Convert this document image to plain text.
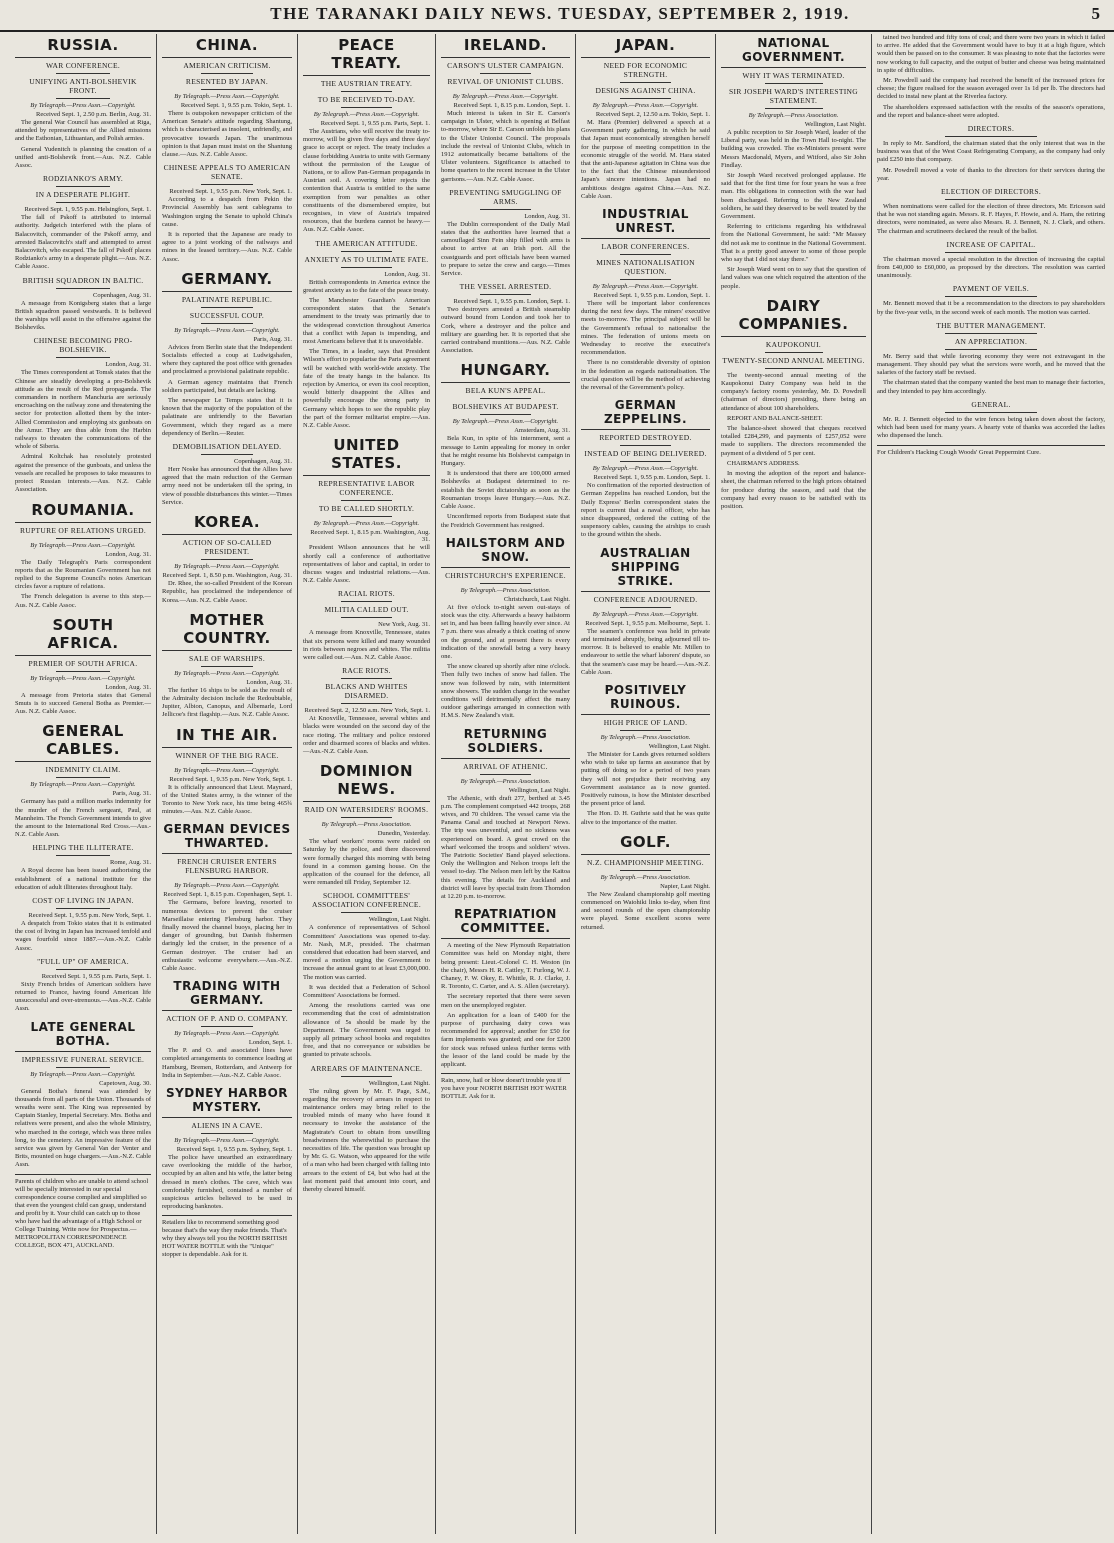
THE TARANAKI DAILY NEWS. TUESDAY, SEPTEMBER 2, 1919.	5
RUSSIA.
WAR CONFERENCE.
UNIFYING ANTI-BOLSHEVIK FRONT.
By Telegraph.—Press Assn.—Copyright.
Received Sept. 1, 2.50 p.m. Berlin, Aug. 31.

The general War Council has assembled at Riga, attended by representatives of the Allied missions and the Esthonian, Lithuanian, and Polish armies.

General Yudenitch is planning the creation of a unified anti-Bolshevik front.—Aus. N.Z. Cable Assoc.

RODZIANKO'S ARMY.
IN A DESPERATE PLIGHT.
Received Sept. 1, 9.55 p.m. Helsingfors, Sept. 1.

The fall of Pskoff is attributed to internal authority. Judgeich interfered with the plans of Balacovitch, commander of the Pskoff army, and arrested Balacovitch's staff and attempted to arrest Balacovitch, who escaped. The fall of Pskoff places Rodzianko's army in a desperate plight.—Aus. N.Z. Cable Assoc.

BRITISH SQUADRON IN BALTIC.
Copenhagen, Aug. 31.

A message from Konigsberg states that a large British squadron passed westwards. It is believed the warships will assist in the offensive against the Bolsheviks.

CHINESE BECOMING PRO-BOLSHEVIK.
London, Aug. 31.

The Times correspondent at Tomsk states that the Chinese are steadily developing a pro-Bolshevik attitude as the result of the Red propaganda. The commanders in northern Manchuria are seriously encroaching on the railway zone and threatening the sector for protection allotted them by the inter-Allied Commission and employing six gunboats on the Amur. They are thus able from the Harbin railways to threaten the communications of the whole of Siberia.

Admiral Koltchak has resolutely protested against the presence of the gunboats, and unless the vessels are recalled he proposes to take measures to protect Russian interests.—Aus. N.Z. Cable Association.

ROUMANIA.
RUPTURE OF RELATIONS URGED.
By Telegraph.—Press Assn.—Copyright.
London, Aug. 31.

The Daily Telegraph's Paris correspondent reports that as the Roumanian Government has not replied to the Supreme Council's notes American circles favor a rupture of relations.

The French delegation is averse to this step.—Aus. N.Z. Cable Assoc.

SOUTH AFRICA.
PREMIER OF SOUTH AFRICA.
By Telegraph.—Press Assn.—Copyright.
London, Aug. 31.

A message from Pretoria states that General Smuts is to succeed General Botha as Premier.—Aus. N.Z. Cable Assoc.

GENERAL CABLES.
INDEMNITY CLAIM.
By Telegraph.—Press Assn.—Copyright.
Paris, Aug. 31.

Germany has paid a million marks indemnity for the murder of the French sergeant, Paul, at Mannheim. The French Government intends to give the amount to the International Red Cross.—Aus.-N.Z. Cable Assn.

HELPING THE ILLITERATE.
Rome, Aug. 31.

A Royal decree has been issued authorising the establishment of a national institute for the education of adult illiterates throughout Italy.

COST OF LIVING IN JAPAN.
Received Sept. 1, 9.55 p.m. New York, Sept. 1.

A despatch from Tokio states that it is estimated the cost of living in Japan has increased tenfold and wages fourfold since 1887.—Aus.-N.Z. Cable Assoc.

"FULL UP" OF AMERICA.
Received Sept. 1, 9.55 p.m. Paris, Sept. 1.

Sixty French brides of American soldiers have returned to France, having found American life unsuccessful and over-strenuous.—Aus.-N.Z. Cable Assn.

LATE GENERAL BOTHA.
IMPRESSIVE FUNERAL SERVICE.
By Telegraph.—Press Assn.—Copyright.
Capetown, Aug. 30.

General Botha's funeral was attended by thousands from all parts of the Union. Thousands of wreaths were sent. The King was represented by Captain Stanley, Imperial Secretary. Mrs. Botha and relatives were present, and also the whole Ministry, who marched in the cortege, which was three miles long, to the cemetery. An impressive feature of the service was given by General Van der Venter and Brits, mounted on huge chargers.—Aus.-N.Z. Cable Assn.

Parents of children who are unable to attend school will be specially interested in our special correspondence course complied and simplified so that even the youngest child can grasp, understand and profit by it. Your child can catch up to those who have had the advantage of a High School or College Training. Write now for Prospectus.—METROPOLITAN CORRESPONDENCE COLLEGE, BOX 471, AUCKLAND.
CHINA.
AMERICAN CRITICISM.
RESENTED BY JAPAN.
By Telegraph.—Press Assn.—Copyright.
Received Sept. 1, 9.55 p.m. Tokio, Sept. 1.

There is outspoken newspaper criticism of the American Senate's attitude regarding Shantung, which is characterised as insolent, unfriendly, and provocative towards Japan. The unanimous opinion is that Japan must insist on the Shantung clause.—Aus. N.Z. Cable Assoc.

CHINESE APPEALS TO AMERICAN SENATE.
Received Sept. 1, 9.55 p.m. New York, Sept. 1.

According to a despatch from Pekin the Provincial Assembly has sent cablegrams to Washington urging the Senate to uphold China's cause.

It is reported that the Japanese are ready to agree to a joint working of the railways and mines in the leased territory.—Aus. N.Z. Cable Assoc.

GERMANY.
PALATINATE REPUBLIC.
SUCCESSFUL COUP.
By Telegraph.—Press Assn.—Copyright.
Paris, Aug. 31.

Advices from Berlin state that the Independent Socialists effected a coup at Ludwigshafen, where they captured the post office with grenades and proclaimed a provisional palatinate republic.

A German agency maintains that French soldiers participated, but details are lacking.

The newspaper Le Temps states that it is known that the majority of the population of the palatinate are unfriendly to the Bavarian Government, which they regard as a mere dependency of Berlin.—Reuter.

DEMOBILISATION DELAYED.
Copenhagen, Aug. 31.

Herr Noske has announced that the Allies have agreed that the main reduction of the German army need not be undertaken till the spring, in view of possible disturbances this winter.—Times Service.

KOREA.
ACTION OF SO-CALLED PRESIDENT.
By Telegraph.—Press Assn.—Copyright.
Received Sept. 1, 8.50 p.m. Washington, Aug. 31.

Dr. Rhee, the so-called President of the Korean Republic, has proclaimed the independence of Korea.—Aus. N.Z. Cable Assoc.

MOTHER COUNTRY.
SALE OF WARSHIPS.
By Telegraph.—Press Assn.—Copyright.
London, Aug. 31.

The further 16 ships to be sold as the result of the Admiralty decision include the Redoubtable, Jupiter, Albion, Canopus, and Albemarle, Lord Jellicoe's first flagship.—Aus. N.Z. Cable Assoc.

IN THE AIR.
WINNER OF THE BIG RACE.
By Telegraph.—Press Assn.—Copyright.
Received Sept. 1, 9.35 p.m. New York, Sept. 1.

It is officially announced that Lieut. Maynard, of the United States army, is the winner of the Toronto to New York race, his time being 465¾ minutes.—Aus. N.Z. Cable Assoc.

GERMAN DEVICES THWARTED.
FRENCH CRUISER ENTERS FLENSBURG HARBOR.
By Telegraph.—Press Assn.—Copyright.
Received Sept. 1, 8.15 p.m. Copenhagen, Sept. 1.

The Germans, before leaving, resorted to numerous devices to prevent the cruiser Marseillaise entering Flensburg harbor. They finally moved the channel buoys, placing her in danger of grounding, but Danish fishermen daringly led the cruiser, in the presence of a German destroyer. The cruiser had an enthusiastic welcome everywhere.—Aus.-N.Z. Cable Assoc.

TRADING WITH GERMANY.
ACTION OF P. AND O. COMPANY.
By Telegraph.—Press Assn.—Copyright.
London, Sept. 1.

The P. and O. and associated lines have completed arrangements to commence loading at Hamburg, Bremen, Rotterdam, and Antwerp for India in September.—Aus.-N.Z. Cable Assoc.

SYDNEY HARBOR MYSTERY.
ALIENS IN A CAVE.
By Telegraph.—Press Assn.—Copyright.
Received Sept. 1, 9.55 p.m. Sydney, Sept. 1.

The police have unearthed an extraordinary cave overlooking the middle of the harbor, occupied by an alien and his wife, the latter being dressed in men's clothes. The cave, which was comfortably furnished, contained a number of suspicious articles believed to be used in reproducing banknotes.

Retailers like to recommend something good because that's the way they make friends. That's why they always tell you the NORTH BRITISH HOT WATER BOTTLE with the "Unique" stopper is dependable. Ask for it.
PEACE TREATY.
THE AUSTRIAN TREATY.
TO BE RECEIVED TO-DAY.
By Telegraph.—Press Assn.—Copyright.
Received Sept. 1, 9.55 p.m. Paris, Sept. 1.

The Austrians, who will receive the treaty to-morrow, will be given five days and three days' grace to accept or reject. The treaty includes a clause forbidding Austria to unite with Germany without the permission of the League of Nations, or to allow Pan-German propaganda in Austrian soil. A covering letter rejects the contention that Austria is entitled to the same exemption from war penalties as other constituents of the dismembered empire, but recognises, in view of Austria's impaired resources, that the burdens cannot be heavy.—Aus. N.Z. Cable Assoc.

THE AMERICAN ATTITUDE.
ANXIETY AS TO ULTIMATE FATE.
London, Aug. 31.

British correspondents in America evince the greatest anxiety as to the fate of the peace treaty.

The Manchester Guardian's American correspondent states that the Senate's amendment to the treaty was primarily due to the widespread conviction throughout America that a conflict with Japan is impending, and most Americans believe that it is unavoidable.

The Times, in a leader, says that President Wilson's effort to popularise the Paris agreement will be watched with world-wide anxiety. The fate of the treaty hangs in the balance. Its rejection by America, or even its cool reception, would bitterly disappoint the Allies and powerfully encourage the strong party in Germany which hopes to see the republic play the part of the former militarist empire.—Aus. N.Z. Cable Assoc.

UNITED STATES.
REPRESENTATIVE LABOR CONFERENCE.
TO BE CALLED SHORTLY.
By Telegraph.—Press Assn.—Copyright.
Received Sept. 1, 8.15 p.m. Washington, Aug. 31.

President Wilson announces that he will shortly call a conference of authoritative representatives of labor and capital, in order to discuss wages and industrial relations.—Aus. N.Z. Cable Assoc.

RACIAL RIOTS.
MILITIA CALLED OUT.
New York, Aug. 31.

A message from Knoxville, Tennessee, states that six persons were killed and many wounded in riots between negroes and whites. The militia were called out.—Aus. N.Z. Cable Assoc.

RACE RIOTS.
BLACKS AND WHITES DISARMED.
Received Sept. 2, 12.50 a.m. New York, Sept. 1.

At Knoxville, Tennessee, several whites and blacks were wounded on the second day of the race rioting. The military and police restored order and disarmed scores of blacks and whites.—Aus.-N.Z. Cable Assn.

DOMINION NEWS.
RAID ON WATERSIDERS' ROOMS.
By Telegraph.—Press Association.
Dunedin, Yesterday.

The wharf workers' rooms were raided on Saturday by the police, and there discovered were formally charged this morning with being found in a common gaming house. On the application of the counsel for the defence, all were remanded till Friday, September 12.

SCHOOL COMMITTEES' ASSOCIATION CONFERENCE.
Wellington, Last Night.

A conference of representatives of School Committees' Associations was opened to-day. Mr. Nash, M.P., presided. The chairman considered that education had been starved, and moved a motion urging the Government to increase the annual grant to at least £3,000,000. The motion was carried.

It was decided that a Federation of School Committees' Associations be formed.

Among the resolutions carried was one recommending that the cost of administration allowance of 5s should be made by the Department. The Government was urged to supply all primary school books and requisites free, and that no conveyance or subsidies be granted to private schools.

ARREARS OF MAINTENANCE.
Wellington, Last Night.

The ruling given by Mr. F. Page, S.M., regarding the recovery of arrears in respect to maintenance orders may bring relief to the troubled minds of many who have found it necessary to invoke the assistance of the Magistrate's Court to obtain from unwilling breadwinners the wherewithal to purchase the necessities of life. The question was brought up by Mr. G. G. Watson, who appeared for the wife of a man who had been charged with falling into arrears to the extent of £4, but who had at the last moment paid that amount into court, and thereby cleared himself.

IRELAND.
CARSON'S ULSTER CAMPAIGN.
REVIVAL OF UNIONIST CLUBS.
By Telegraph.—Press Assn.—Copyright.
Received Sept. 1, 8.15 p.m. London, Sept. 1.

Much interest is taken in Sir E. Carson's campaign in Ulster, which is opening at Belfast to-morrow, where Sir E. Carson unfolds his plans to the Ulster Unionist Council. The proposals include the revival of Unionist Clubs, which in 1912 automatically became battalions of the Ulster volunteers. Significance is attached to home quarters to the recent increase in the Ulster garrisons.—Aus. N.Z. Cable Assoc.

PREVENTING SMUGGLING OF ARMS.
London, Aug. 31.

The Dublin correspondent of the Daily Mail states that the authorities have learned that a camouflaged Sinn Fein ship filled with arms is about to arrive at an Irish port. All the coastguards and port officials have been warned to prepare to seize the crew and cargo.—Times Service.

THE VESSEL ARRESTED.
Received Sept. 1, 9.55 p.m. London, Sept. 1.

Two destroyers arrested a British steamship outward bound from London and took her to Cork, where a destroyer and the police and military are guarding her. It is reported that she carried contraband munitions.—Aus. N.Z. Cable Association.

HUNGARY.
BELA KUN'S APPEAL.
BOLSHEVIKS AT BUDAPEST.
By Telegraph.—Press Assn.—Copyright.
Amsterdam, Aug. 31.

Bela Kun, in spite of his internment, sent a message to Lenin appealing for money in order that he might resume his Bolshevist campaign in Hungary.

It is understood that there are 100,000 armed Bolsheviks at Budapest determined to re-establish the Soviet dictatorship as soon as the Roumanian troops leave Hungary.—Aus. N.Z. Cable Assoc.

Unconfirmed reports from Budapest state that the Freidrich Government has resigned.

HAILSTORM AND SNOW.
CHRISTCHURCH'S EXPERIENCE.
By Telegraph.—Press Association.
Christchurch, Last Night.

At five o'clock to-night seven out-stays of stock was the city. Afterwards a heavy hailstorm set in, and has been falling heavily ever since. At 7 p.m. there was already a thick coating of snow on the ground, and at present there is every indication of the snowfall being a very heavy one.

The snow cleared up shortly after nine o'clock. Then fully two inches of snow had fallen. The snow was followed by rain, with intermittent snow showers. The sudden change in the weather conditions will detrimentally affect the many outdoor gatherings arranged in connection with H.M.S. New Zealand's visit.

RETURNING SOLDIERS.
ARRIVAL OF ATHENIC.
By Telegraph.—Press Association.
Wellington, Last Night.

The Athenic, with draft 277, berthed at 3.45 p.m. The complement comprised 442 troops, 268 wives, and 70 children. The vessel came via the Panama Canal and touched at Newport News. The trip was uneventful, and no sickness was experienced on board. A great crowd on the wharf welcomed the troops and soldiers' wives. The Patriotic Societies' Band played selections. Only the Wellington and Nelson troops left the vessel to-day. The Nelson men left by the Kaitoa this evening. The details for Auckland and district will leave by special train from Thorndon at 12.20 p.m. to-morrow.

REPATRIATION COMMITTEE.

A meeting of the New Plymouth Repatriation Committee was held on Monday night, there being present: Lieut.-Colonel C. H. Weston (in the chair), Messrs H. R. Cattley, T. Furlong, W. J. Chaney, F. W. Okey, E. Whittle, R. J. Clarke, J. R. Toronto, C. Carter, and A. S. Allen (secretary).

The secretary reported that there were seven men on the unemployed register.

An application for a loan of £400 for the purpose of purchasing dairy cows was recommended for approval; another for £50 for farm implements was granted; and one for £200 for stock was refused unless further terms with the lessor of the land could be made by the applicant.

Rain, snow, hail or blow doesn't trouble you if you have your NORTH BRITISH HOT WATER BOTTLE. Ask for it.
JAPAN.
NEED FOR ECONOMIC STRENGTH.
DESIGNS AGAINST CHINA.
By Telegraph.—Press Assn.—Copyright.
Received Sept. 2, 12.50 a.m. Tokio, Sept. 1.

M. Hara (Premier) delivered a speech at a Government party gathering, in which he said that Japan must economically strengthen herself for the purpose of meeting competition in the economic struggle of the world. M. Hara stated that the anti-Japanese agitation in China was due to the fact that the Chinese misunderstood Japan's sincere intentions. Japan had no ambitious designs against China.—Aus. N.Z. Cable Assn.

INDUSTRIAL UNREST.
LABOR CONFERENCES.
MINES NATIONALISATION QUESTION.
By Telegraph.—Press Assn.—Copyright.
Received Sept. 1, 9.55 p.m. London, Sept. 1.

There will be important labor conferences during the next few days. The miners' executive meets to-morrow. The principal subject will be the Government's refusal to nationalise the mines. The federation of unions meets on Wednesday to receive the executive's recommendation.

There is no considerable diversity of opinion in the federation as regards nationalisation. The crucial question will be the method of achieving the reversal of the Government's policy.

GERMAN ZEPPELINS.
REPORTED DESTROYED.
INSTEAD OF BEING DELIVERED.
By Telegraph.—Press Assn.—Copyright.
Received Sept. 1, 9.55 p.m. London, Sept. 1.

No confirmation of the reported destruction of German Zeppelins has reached London, but the Daily Express' Berlin correspondent states the report is current that a naval officer, who has since disappeared, ordered the cutting of the suspensory cables, causing the airships to crash to the ground within the sheds.

AUSTRALIAN SHIPPING STRIKE.
CONFERENCE ADJOURNED.
By Telegraph.—Press Assn.—Copyright.
Received Sept. 1, 9.55 p.m. Melbourne, Sept. 1.

The seamen's conference was held in private and terminated abruptly, being adjourned till to-morrow. It is believed to enable Mr. Millen to endeavour to settle the wharf laborers' dispute, so that the seamen's case may be heard.—Aus.-N.Z. Cable Assn.

POSITIVELY RUINOUS.
HIGH PRICE OF LAND.
By Telegraph.—Press Association.
Wellington, Last Night.

The Minister for Lands gives returned soldiers who wish to take up farms an assurance that by putting off doing so for a period of two years they will not prejudice their receiving any Government assistance as is now granted. Positively ruinous, is how the Minister described the present price of land.

The Hon. D. H. Guthrie said that he was quite alive to the importance of the matter.

GOLF.
N.Z. CHAMPIONSHIP MEETING.
By Telegraph.—Press Association.
Napier, Last Night.

The New Zealand championship golf meeting commenced on Waiohiki links to-day, when first and second rounds of the open championship were played. Some excellent scores were returned.

NATIONAL GOVERNMENT.
WHY IT WAS TERMINATED.
SIR JOSEPH WARD'S INTERESTING STATEMENT.
By Telegraph.—Press Association.
Wellington, Last Night.

A public reception to Sir Joseph Ward, leader of the Liberal party, was held in the Town Hall to-night. The building was crowded. The ex-Ministers present were Messrs Macdonald, Myers, and Witford, also Sir John Findlay.

Sir Joseph Ward received prolonged applause. He said that for the first time for four years he was a free man. His obligations in connection with the war had been discharged. Referring to the New Zealand soldiers, he said they deserved to be well treated by the Government.

Referring to criticisms regarding his withdrawal from the National Government, he said: "Mr Massey did not ask me to continue in the National Government. That is a pretty good answer to some of those people who say that I did not stay there."

Sir Joseph Ward went on to say that the question of land values was one which required the attention of the people.

DAIRY COMPANIES.
KAUPOKONUI.
TWENTY-SECOND ANNUAL MEETING.

The twenty-second annual meeting of the Kaupokonui Dairy Company was held in the company's factory rooms yesterday, Mr. D. Powdrell (chairman of directors) presiding, there being an attendance of about 100 shareholders.

REPORT AND BALANCE-SHEET.

The balance-sheet showed that cheques received totalled £284,299, and payments of £257,052 were made to suppliers. The directors recommended the payment of a dividend of 5 per cent.

CHAIRMAN'S ADDRESS.

In moving the adoption of the report and balance-sheet, the chairman referred to the high prices obtained for produce during the season, and said that the company had every reason to be satisfied with its position.

tained two hundred and fifty tons of coal; and there were two years in which it failed to arrive. He added that the Government would have to buy it at a high figure, which would then be passed on to the consumer. It was pleasing to note that the factories were now working to full capacity, and the output of butter and cheese was being maintained in spite of difficulties.

Mr. Powdrell said the company had received the benefit of the increased prices for cheese; the figure realised for the season averaged over 1s 1d per lb. The directors had decided to instal new plant at the Riverlea factory.

The shareholders expressed satisfaction with the results of the season's operations, and the report and balance-sheet were adopted.

DIRECTORS.

In reply to Mr. Sandford, the chairman stated that the only interest that was in the business was that of the West Coast Refrigerating Company, as the company had only paid £250 into that company.

Mr. Powdrell moved a vote of thanks to the directors for their services during the year.

ELECTION OF DIRECTORS.

When nominations were called for the election of three directors, Mr. Ericeson said that he was not standing again. Messrs. R. F. Hayes, F. Howie, and A. Ham, the retiring directors, were nominated, as were also Messrs. R. J. Bennett, N. J. Clark, and others. The chairman and scrutineers declared the result of the ballot.

INCREASE OF CAPITAL.

The chairman moved a special resolution in the direction of increasing the capital from £40,000 to £60,000, as proposed by the directors. The resolution was carried unanimously.

PAYMENT OF VEILS.

Mr. Bennett moved that it be a recommendation to the directors to pay shareholders by the five-year veils, in the second week of each month. The motion was carried.

THE BUTTER MANAGEMENT.
AN APPRECIATION.

Mr. Berry said that while favoring economy they were not extravagant in the management. They should pay what the services were worth, and he moved that the salaries of the factory staff be revised.

The chairman stated that the company wanted the best man to manage their factories, and they intended to pay him accordingly.

GENERAL.

Mr. R. J. Bennett objected to the wire fences being taken down about the factory, which had been used for many years. A hearty vote of thanks was accorded the ladies who dispensed the lunch.

For Children's Hacking Cough Woods' Great Peppermint Cure.
